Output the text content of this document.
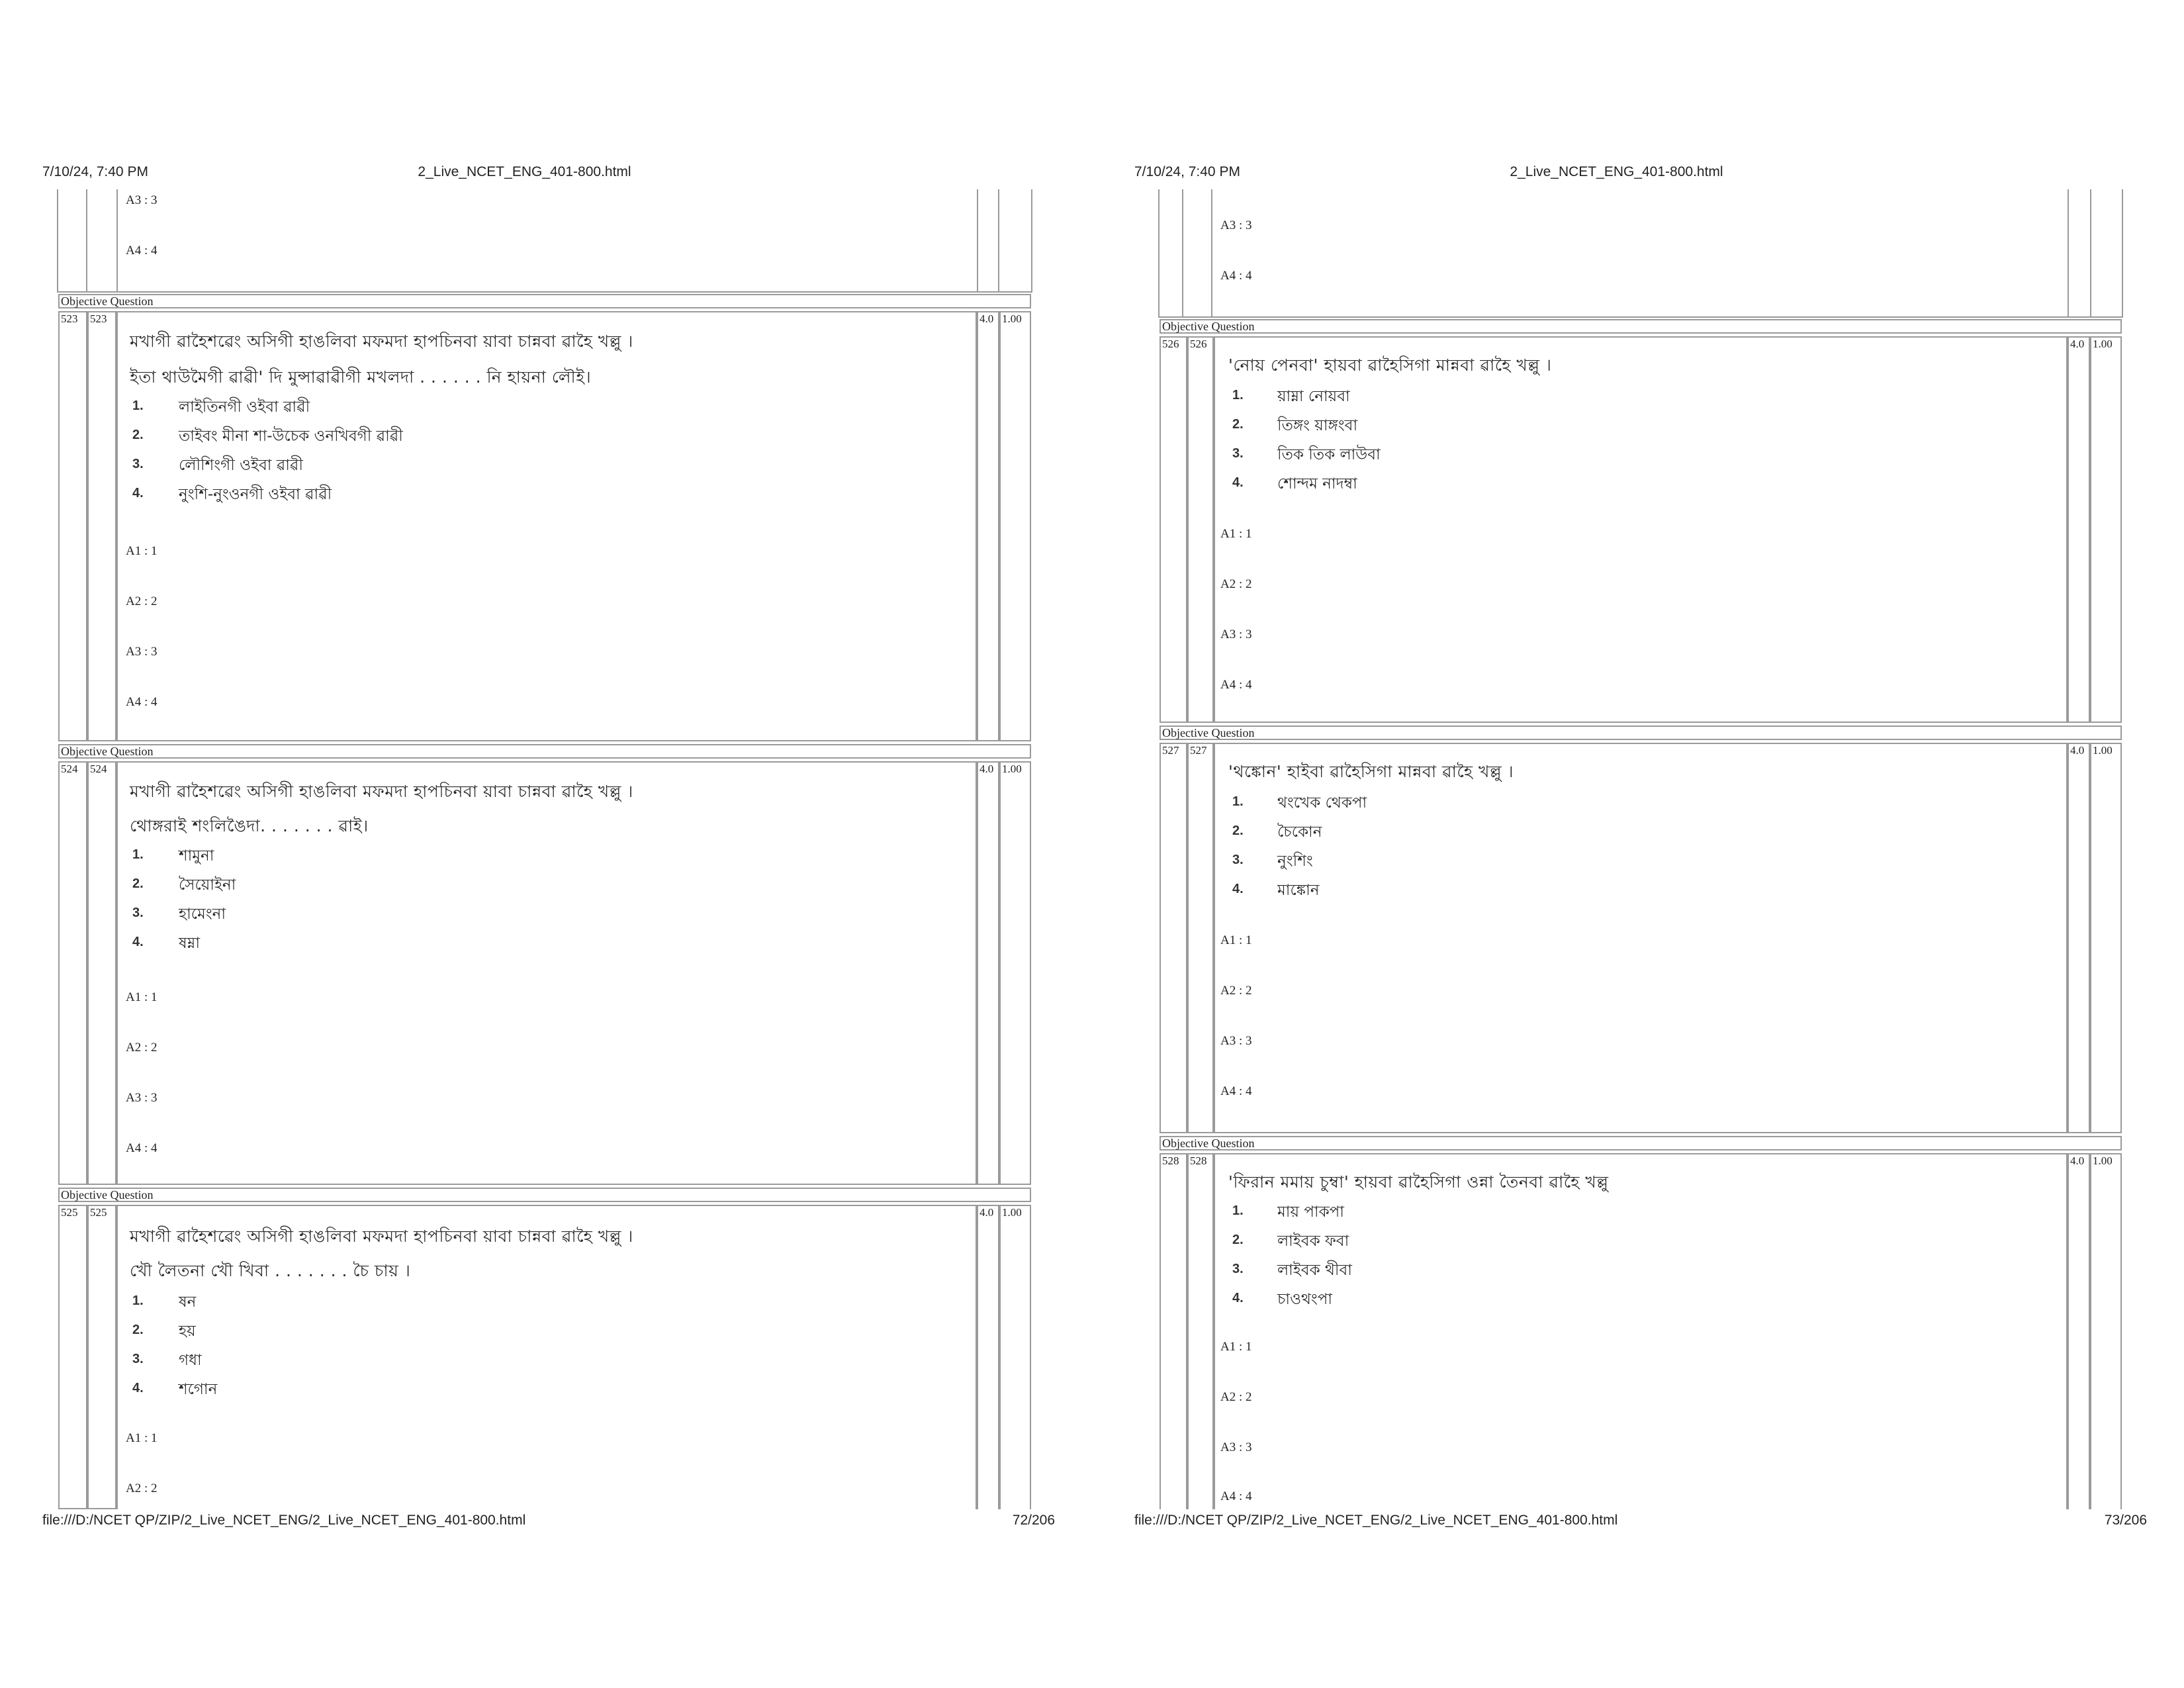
7/10/24, 7:40 PM	2_Live_NCET_ENG_401-800.html
A3 : 3
A4 : 4
Objective Question
523	523	4.0 1.00
মখাগী ৱাহৈশৱেং অসিগী হাঙলিবা মফমদা হাপচিনবা য়াবা চান্নবা ৱাহৈ খল্লু ।
ইতা থাউমৈগী ৱাৱী' দি মুন্সাৱাৱীগী মখলদা . . . . . . নি হায়না লৌই।
1. লাইতিনগী ওইবা ৱাৱী
2. তাইবং মীনা শা-উচেক ওনখিবগী ৱাৱী
3. লৌশিংগী ওইবা ৱাৱী
4. নুংশি-নুংওনগী ওইবা ৱাৱী
A1 : 1
A2 : 2
A3 : 3
A4 : 4
Objective Question
524	524	4.0 1.00
মখাগী ৱাহৈশৱেং অসিগী হাঙলিবা মফমদা হাপচিনবা য়াবা চান্নবা ৱাহৈ খল্লু ।
থোঙ্গরাই শংলিঙৈদা. . . . . . . ৱাই।
1. শামুনা
2. সৈয়োইনা
3. হামেংনা
4. ষম্না
A1 : 1
A2 : 2
A3 : 3
A4 : 4
Objective Question
525	525	4.0 1.00
মখাগী ৱাহৈশৱেং অসিগী হাঙলিবা মফমদা হাপচিনবা য়াবা চান্নবা ৱাহৈ খল্লু ।
খৌ লৈতনা খৌ খিবা . . . . . . . চৈ চায় ।
1. ষন
2. হয়
3. গধা
4. শগোন
A1 : 1
A2 : 2
file:///D:/NCET QP/ZIP/2_Live_NCET_ENG/2_Live_NCET_ENG_401-800.html	72/206
7/10/24, 7:40 PM	2_Live_NCET_ENG_401-800.html
A3 : 3
A4 : 4
Objective Question
526 526	4.0 1.00
'নোয় পেনবা' হায়বা ৱাহৈসিগা মান্নবা ৱাহৈ খল্লু ।
1. য়াম্না নোয়বা
2. তিঙ্গং য়াঙ্গংবা
3. তিক তিক লাউবা
4. শোন্দম নাদম্বা
A1 : 1
A2 : 2
A3 : 3
A4 : 4
Objective Question
527 527	4.0 1.00
'থঙ্কোন' হাইবা ৱাহৈসিগা মান্নবা ৱাহৈ খল্লু ।
1. থংখেক থেকপা
2. চৈকোন
3. নুংশিং
4. মাঙ্কোন
A1 : 1
A2 : 2
A3 : 3
A4 : 4
Objective Question
528 528	4.0 1.00
'ফিরান মমায় চুম্বা' হায়বা ৱাহৈসিগা ওন্না তৈনবা ৱাহৈ খল্লু
1. মায় পাকপা
2. লাইবক ফবা
3. লাইবক থীবা
4. চাওথংপা
A1 : 1
A2 : 2
A3 : 3
A4 : 4
file:///D:/NCET QP/ZIP/2_Live_NCET_ENG/2_Live_NCET_ENG_401-800.html	73/206
